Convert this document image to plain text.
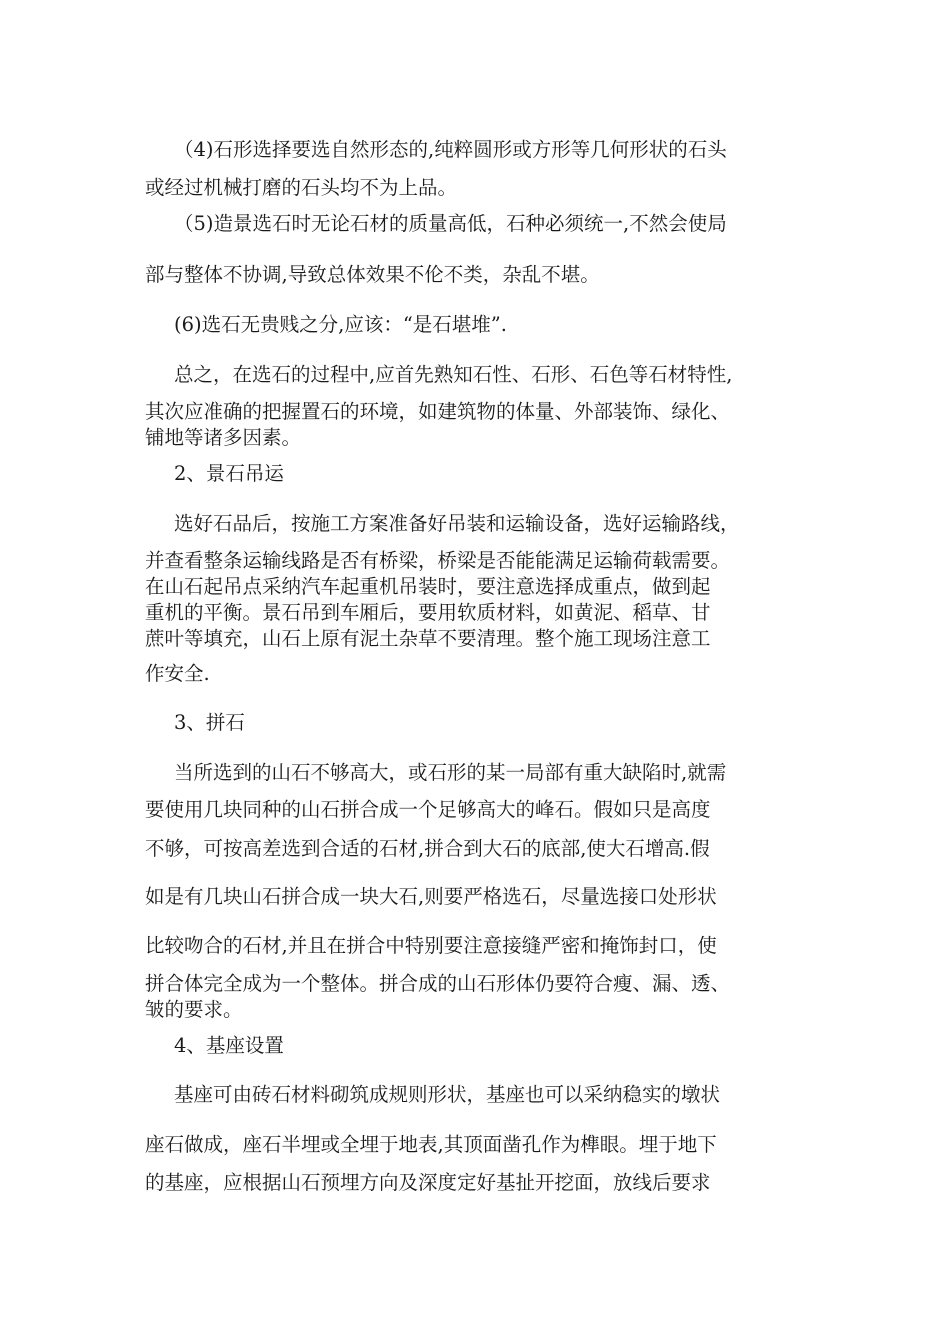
（4)石形选择要选自然形态的,纯粹圆形或方形等几何形状的石头
或经过机械打磨的石头均不为上品。
（5)造景选石时无论石材的质量高低，石种必须统一,不然会使局
部与整体不协调,导致总体效果不伦不类，杂乱不堪。
(6)选石无贵贱之分,应该：“是石堪堆”.
总之，在选石的过程中,应首先熟知石性、石形、石色等石材特性,
其次应准确的把握置石的环境，如建筑物的体量、外部装饰、绿化、
铺地等诸多因素。
2、景石吊运
选好石品后，按施工方案准备好吊装和运输设备，选好运输路线，
并查看整条运输线路是否有桥梁，桥梁是否能能满足运输荷载需要。
在山石起吊点采纳汽车起重机吊装时，要注意选择成重点，做到起
重机的平衡。景石吊到车厢后，要用软质材料，如黄泥、稻草、甘
蔗叶等填充，山石上原有泥土杂草不要清理。整个施工现场注意工
作安全.
3、拼石
当所选到的山石不够高大，或石形的某一局部有重大缺陷时,就需
要使用几块同种的山石拼合成一个足够高大的峰石。假如只是高度
不够，可按高差选到合适的石材,拼合到大石的底部,使大石增高.假
如是有几块山石拼合成一块大石,则要严格选石，尽量选接口处形状
比较吻合的石材,并且在拼合中特别要注意接缝严密和掩饰封口，使
拼合体完全成为一个整体。拼合成的山石形体仍要符合瘦、漏、透、
皱的要求。
4、基座设置
基座可由砖石材料砌筑成规则形状，基座也可以采纳稳实的墩状
座石做成，座石半埋或全埋于地表,其顶面凿孔作为榫眼。埋于地下
的基座，应根据山石预埋方向及深度定好基扯开挖面，放线后要求
